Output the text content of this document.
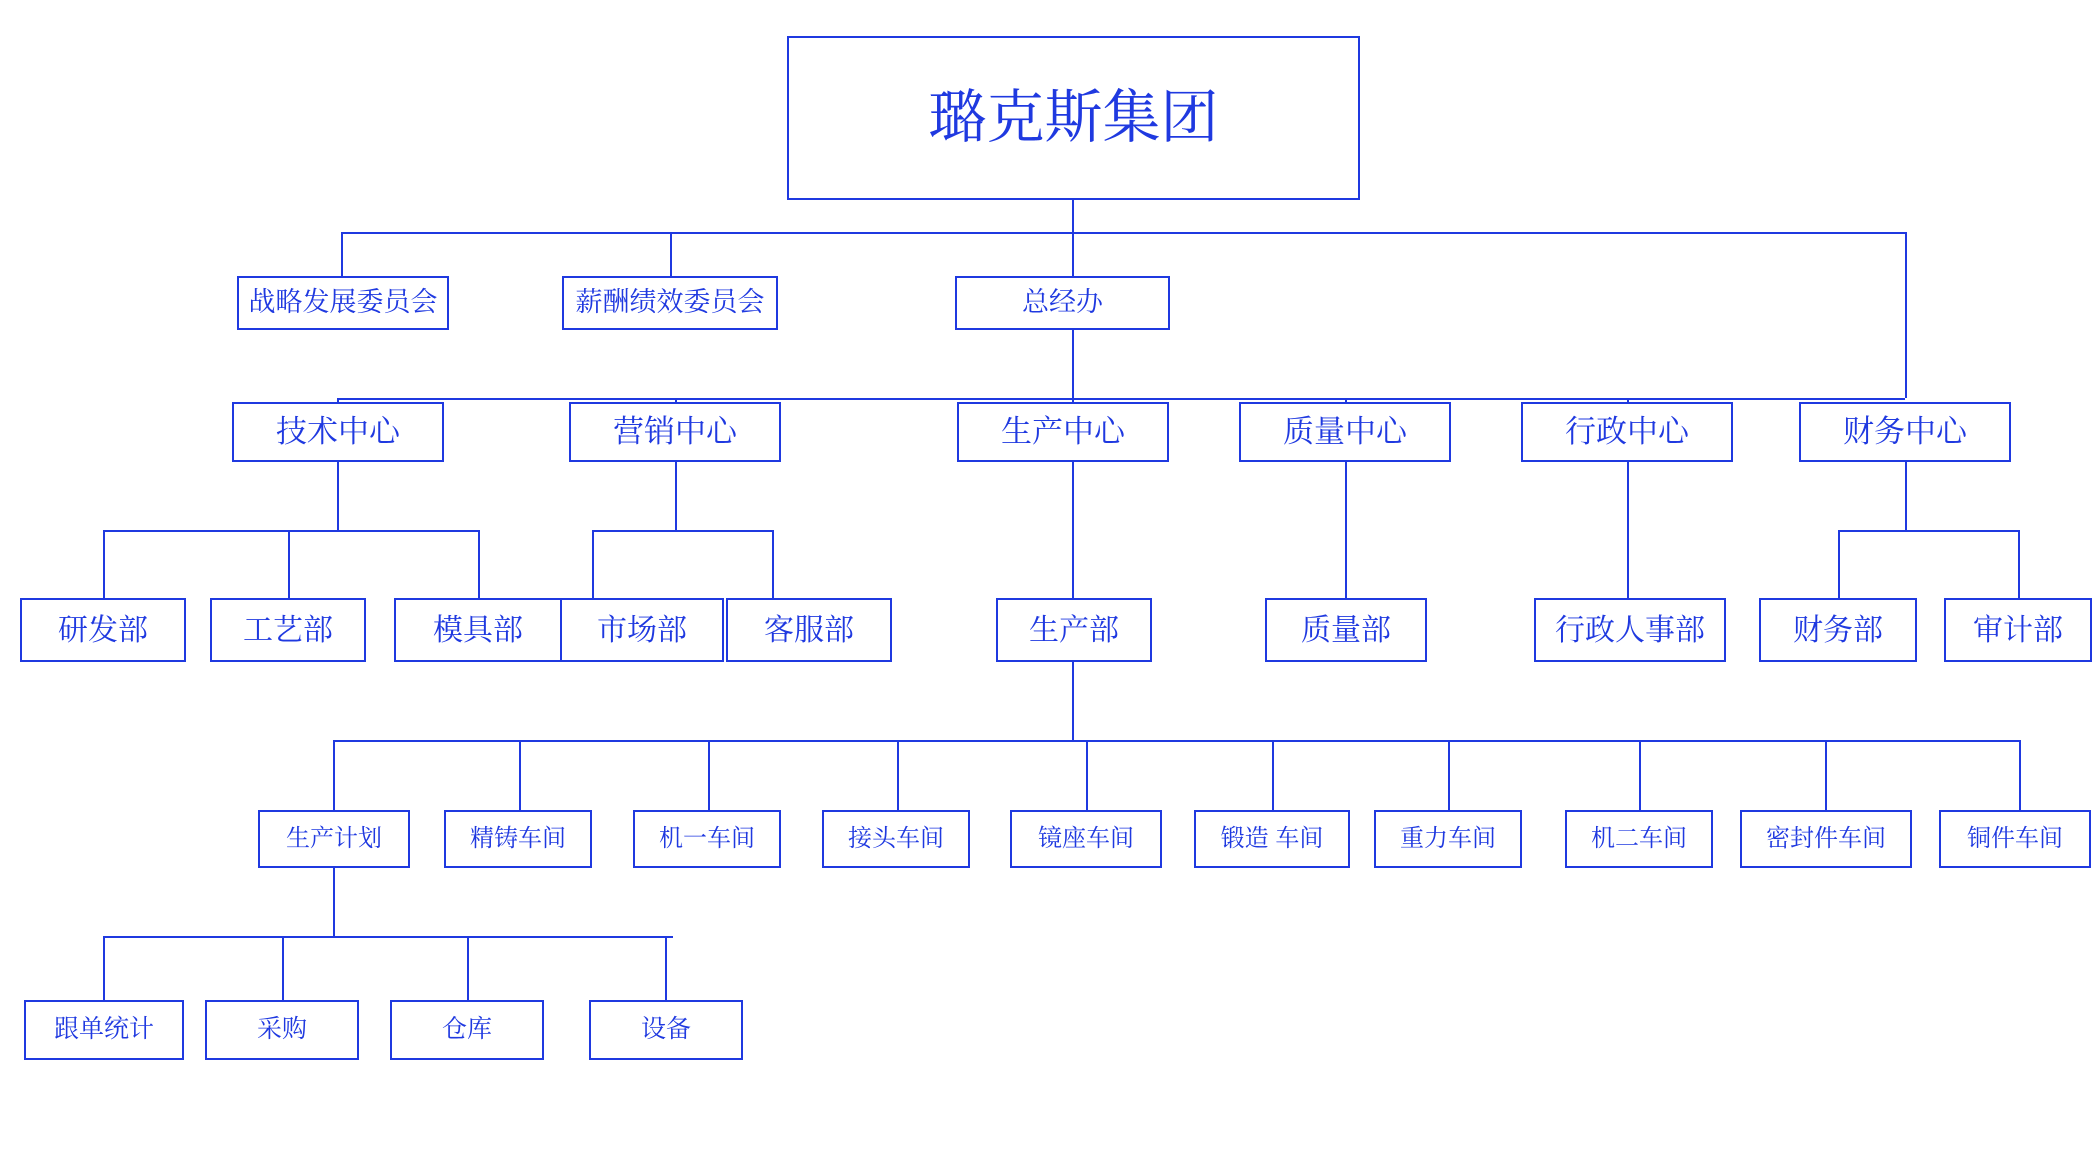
璐克斯集团
战略发展委员会	薪酬绩效委员会	总经办
技术中心	营销中心	生产中心	质量中心	行政中心	财务中心
研发部	工艺部	模具部 市场部	客服部	生产部	质量部	行政人事部	财务部	审计部
生产计划	精铸车间	机一车间	接头车间	镜座车间	锻造 车间	重力车间	机二车间	密封件车间	铜件车间
跟单统计	采购	仓库	设备
